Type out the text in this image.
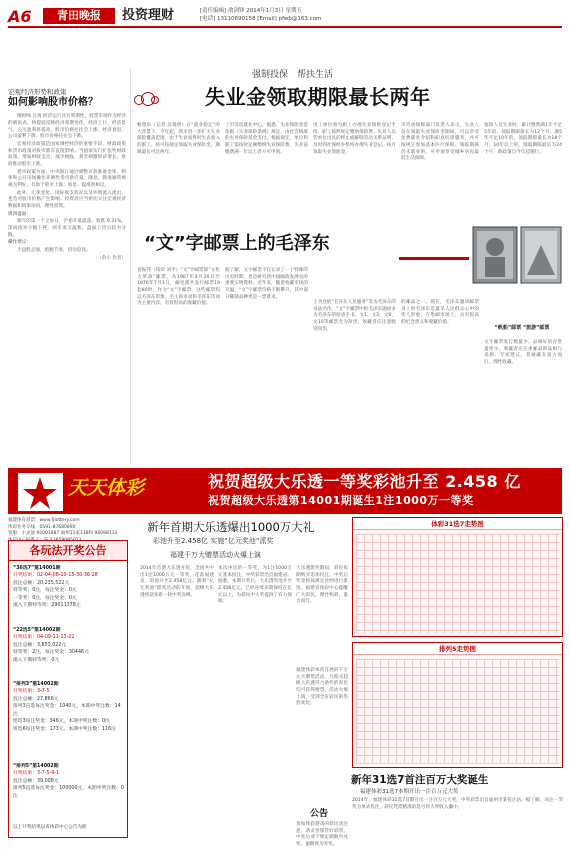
A6	青田晚报	投资理财	[责任编辑] 俞剑锋 2014年1月3日 星期五
[电话] 13110690158 [Email] pfwb@163.com
宏观经济形势和政策
如何影响股市价格？

理财师 吕勇 经济运行具有周期性，股票市场作为经济的晴雨表，将提前反映经济周期变化。经济上行，经济景气，公司盈利将提高，股市价格往往会上涨；经济衰退，公司盈利下降，股市价格往往会下跌。

宏观经济政策是国家调控经济的重要手段，财政政策和货币政策对股市都有直接影响。当国家实行扩张性财政政策，增加财政支出，减少税收，将会刺激经济增长，进而推动股市上涨。

货币政策方面，中央银行通过调整存款准备金率、利率和公开市场操作来调控货币供应量。降息、降准通常被视为利好，有助于股市上涨；加息、提准则相反。

此外，汇率变化、国际收支状况以及外资流入流出，也会对股市价格产生影响。投资者应当密切关注宏观经济数据和政策动向，理性投资。

周四盘面：

新年的第一个交易日，沪指开低震荡，收跌 0.31%，深成指亦小幅下挫。两市成交温和，盘面上热点较为分散。

操作建议：

小盘股走强，把握节奏，切勿追高。

（余小 作者）

强制投保　帮扶生活
失业金领取期限最长两年
畅想乐（记者 吴倩倩）在“就业稳定”的大背景下，今年起，我市进一步扩大失业保险覆盖范围，由于失业而暂时失去收入的职工，将可按规定领取失业保险金，期限最长可达两年。
了市劳动就业中心。据悉，失业保险金是依据《失业保险条例》规定，由社会统筹的失业保险基金支付。根据规定，单位和职工需按时足额缴纳失业保险费，失业前缴费满一年以上者方可申领。
用工单位须为职工办理失业保险登记手续，职工按照规定缴纳保险费。失业人员凭单位出具的终止或解除劳动关系证明，及时到社保经办机构办理失业登记，按月领取失业保险金。
市劳动保障部门负责人表示，失业人员在领取失业保险金期间，可以享受免费职业介绍和职业培训服务，并可按规定参加基本医疗保险。领取期满仍未就业的，可申请享受城乡居民最低生活保障。
参保人员失业时，累计缴费满1年不足5年的，领取期限最长为12个月；满5年不足10年的，领取期限最长为18个月；10年以上的，领取期限最长为24个月，新政策自今年起施行。
“文”字邮票上的毛泽东
袁振邦（钱荣 刘平）“文”字邮票即“文化大革命”邮票，从1967年4月20日至1970年7月1日，邮电部共发行邮票19套80枚，作为“文”字邮票，这些邮票均以毛泽东形象、毛主席语录和毛泽东诗词为主要内容，有着很高的收藏价值。
据了解，文字邮票不仅记录了一个特殊的历史时期，也是研究新中国邮政发展史的重要实物资料。近年来，随着收藏市场的升温，“文”字邮票价格不断攀升，其中部分稀缺品种更是一票难求。
上刊登的“毛泽东人民服务”等为毛泽东的书法名作。“文”字邮票中的毛泽东题词多为毛泽东的原迹手书。文1、文2、文6、文10等邮票尤为珍贵，收藏者应注意甄别真伪。
的邮品之一。现在，毛泽东题词邮票身上的毛泽东是最早人民群众心中的伟人形象，在集邮市场上，具有很高的纪念意义和收藏价值。
文字邮票发行数量少、品相好的存世量更少，收藏者应注重邮品的品相与来源。专家建议，普通藏友量力而行，理性收藏。
“帆船”邮票 “旅游”邮票
天天体彩	祝贺超级大乐透一等奖彩池升至 2.458 亿
祝贺超级大乐透第14001期诞生1注1000万一等奖
福建体育彩票：www.fjlottery.com
体彩业务专线：0591-87680890
客服：小灵通 95001887 福州11家118和 96098133
各玩法开奖公告
“36选7”第14001期
开奖结果：02-04-08-10-15-30-36 28
投注总额：20,235,522元
特等奖：0注，每注奖金：0元
一等奖：0注，每注奖金：0元
滚入下期特等奖：29011378元
“22选5”第14002期
开奖结果：04-09-11-13-22
投注总额：3,853,022元
特等奖：2注，每注奖金：30446元
滚入下期特等奖：0元
“排列3”第14002期
开奖结果：3-7-5
投注总额：27,866元
排列3直选每注奖金：1040元，本期中奖注数：14注
组选3每注奖金：346元，本期中奖注数：0注
组选6每注奖金：173元，本期中奖注数：116注
“排列5”第14002期
开奖结果：3-7-5-9-1
投注总额：39,008元
排列5直选每注奖金：100000元，本期中奖注数：0注
以上开奖结果以省体彩中心公告为准
新年首期大乐透爆出1000万大礼
彩池升至2.458亿 实施“亿元奖池”派奖
福建千万大赠票活动火爆上演
2014年首期大乐透开奖，全国共中出1注1000万元一等奖，花落福建省，彩池升至2.458亿元。随着“亿元奖池”派奖活动的开展，超级大乐透将迎来新一轮中奖高峰。
本次中出的一等奖，为1注1000万元基本投注，中奖彩票出自福建省。据悉，本期开奖后，大乐透奖池升至2.458亿元，已经连续多期保持在亿元以上，为彩民中大奖提供了有力保障。
大乐透派奖期间，彩民每期购买追加投注，中奖后奖金将按规定比例进行派送。福建省体彩中心提醒广大彩民，理性购彩，量力而行。
福建体彩本次开展的千万元大赠票活动，凡购买超级大乐透符合条件的彩民均可获得赠票，活动火爆上演，受到全省彩民的热烈欢迎。
体彩31选7走势图
排列5走势图
新年31选7首注百万大奖诞生
福建体彩31选7本期开出一注百万元大奖
2014年，福建体彩31选7首期开出一注百万元大奖，中奖彩票出自福州市某投注站。据了解，该注一等奖为单式投注，彩民凭借精准的选号将大奖收入囊中。
公告
参加体彩游戏的彩民请注意，请妥善保管好彩票，中奖后请于规定期限内兑奖，逾期视为弃奖。
